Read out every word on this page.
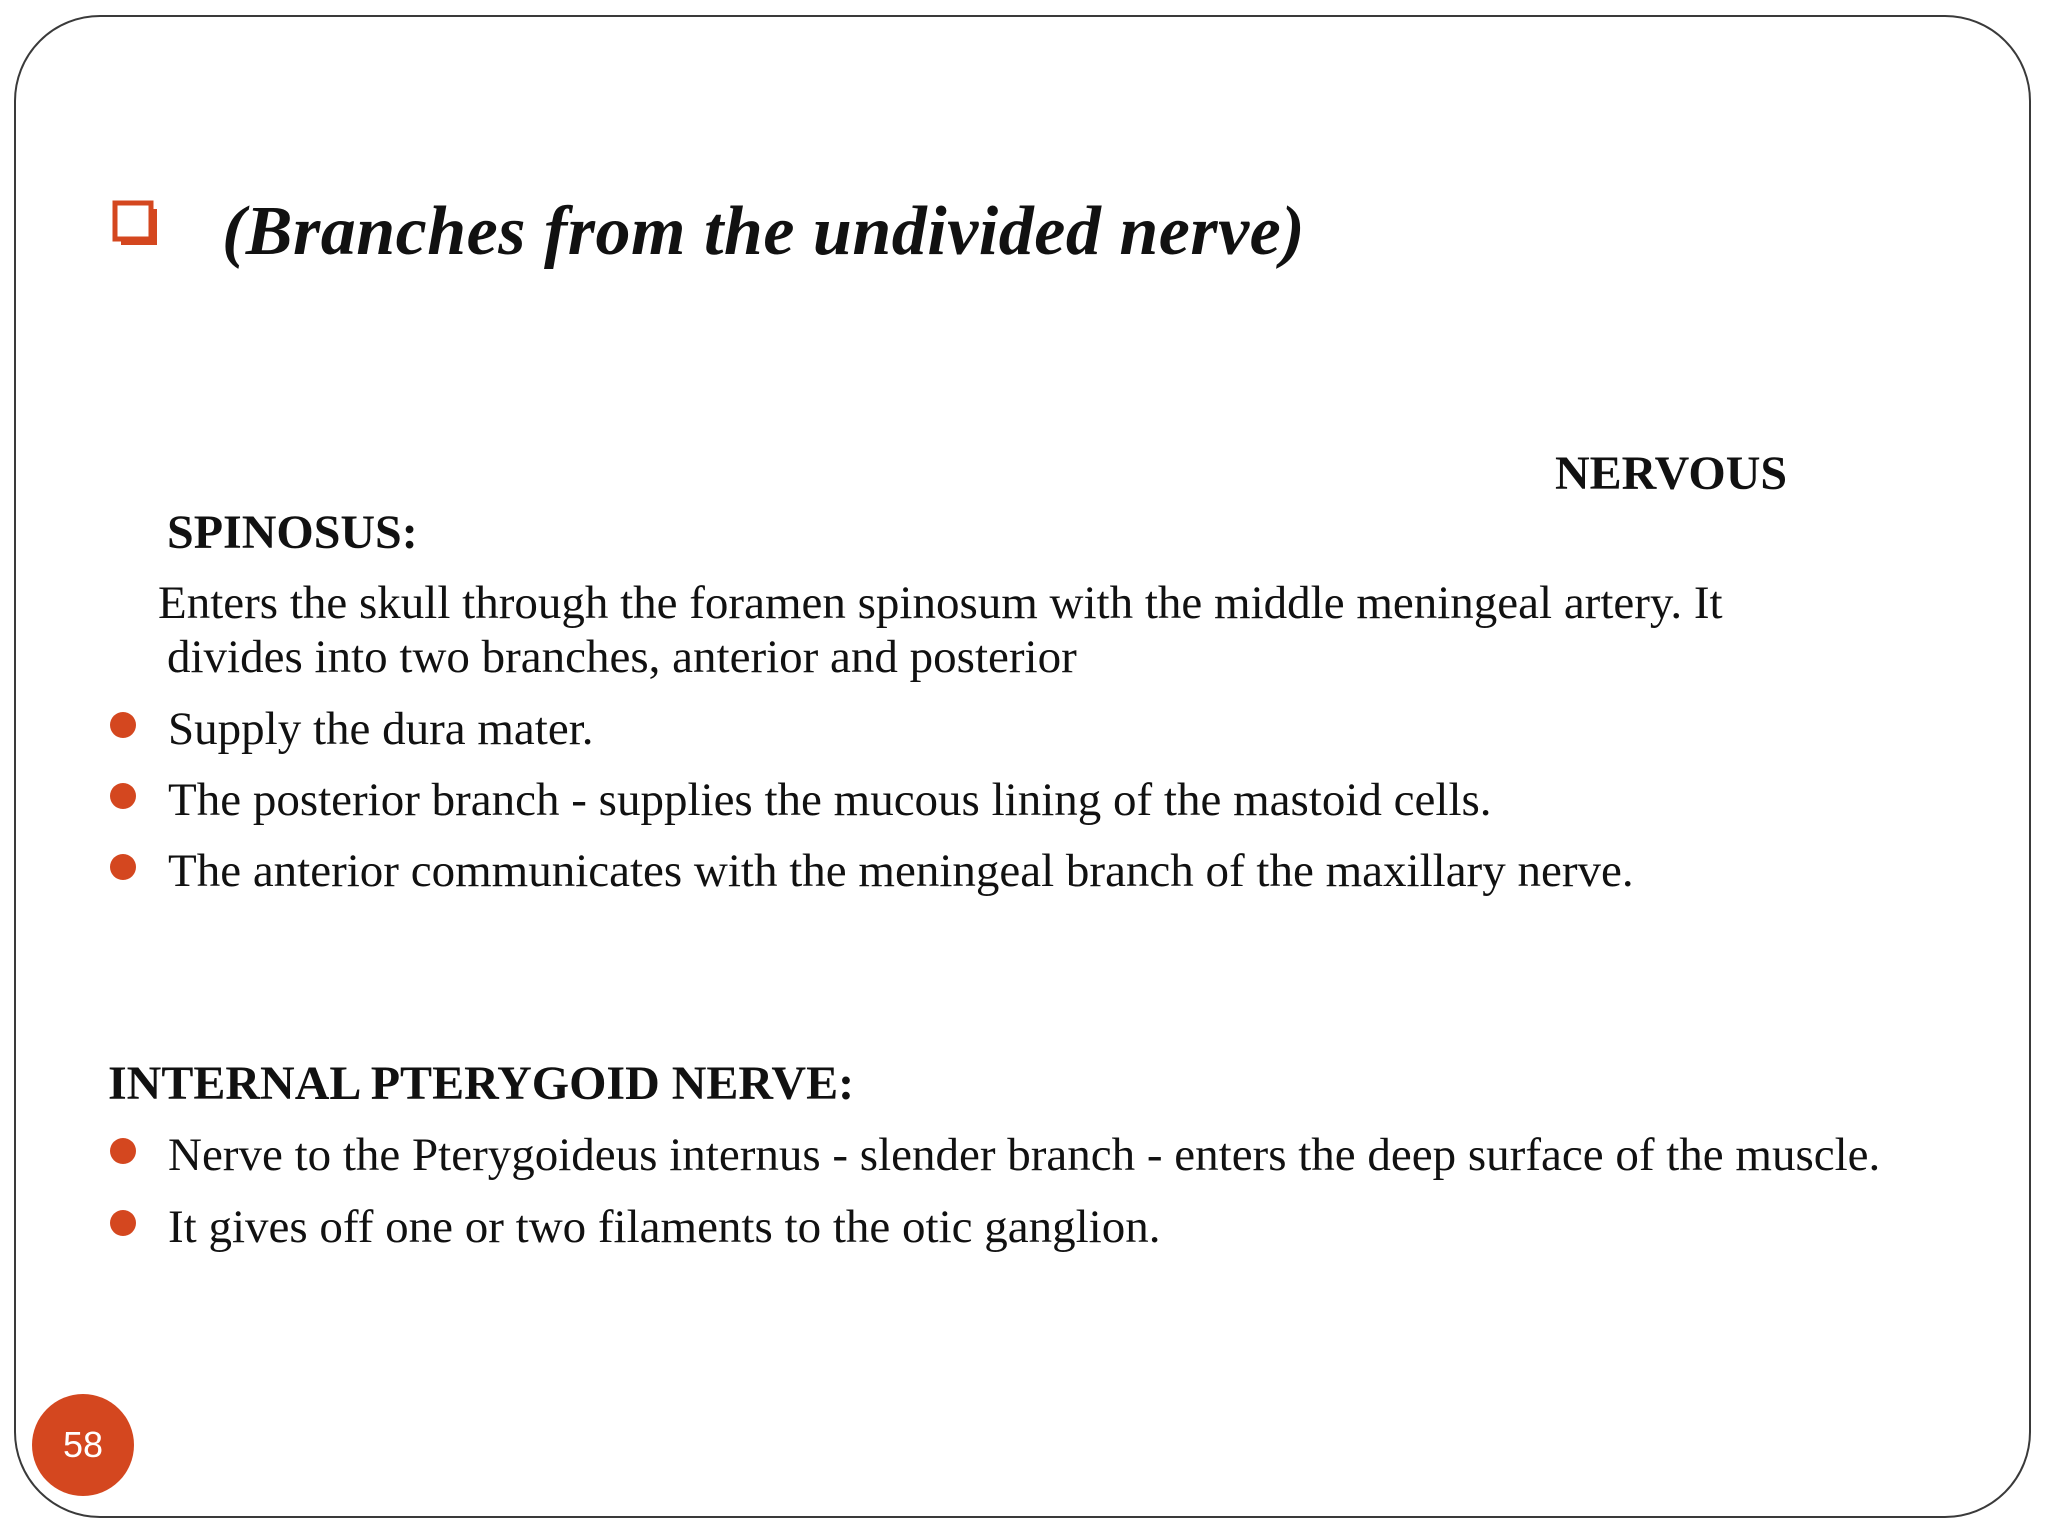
(Branches from the undivided nerve)
NERVOUS
SPINOSUS:
Enters the skull through the foramen spinosum with the middle meningeal artery. It
divides into two branches, anterior and posterior
Supply the dura mater.
The posterior branch - supplies the mucous lining of the mastoid cells.
The anterior communicates with the meningeal branch of the maxillary nerve.
INTERNAL PTERYGOID NERVE:
Nerve to the Pterygoideus internus - slender branch - enters the deep surface of the muscle.
It gives off one or two filaments to the otic ganglion.
58
